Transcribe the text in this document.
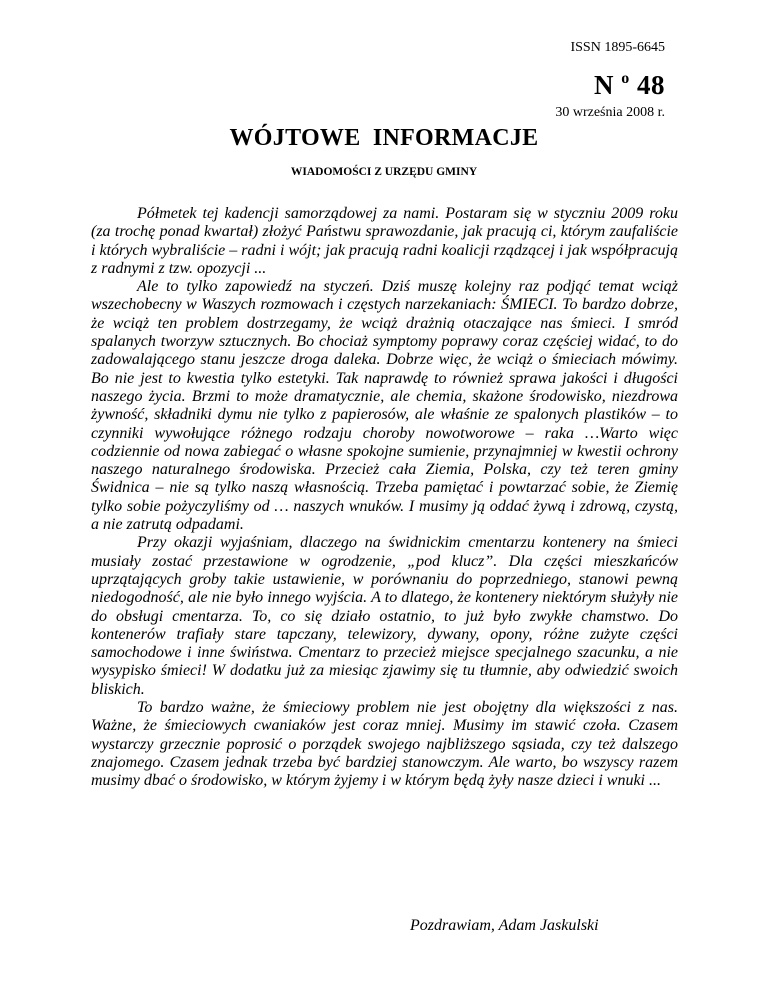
ISSN 1895-6645

N $^o$ 48

30 września 2008 r.

WÓJTOWE INFORMACJE

WIADOMOŚCI Z URZĘDU GMINY

Półmetek tej kadencji samorządowej za nami. Postaram się w styczniu 2009 roku (za trochę ponad kwartał) złożyć Państwu sprawozdanie, jak pracują ci, którym zaufaliście i których wybraliście – radni i wójt; jak pracują radni koalicji rządzącej i jak współpracują z radnymi z tzw. opozycji ...

Ale to tylko zapowiedź na styczeń. Dziś muszę kolejny raz podjąć temat wciąż wszechobecny w Waszych rozmowach i częstych narzekaniach: ŚMIECI. To bardzo dobrze, że wciąż ten problem dostrzegamy, że wciąż drażnią otaczające nas śmieci. I smród spalanych tworzyw sztucznych. Bo chociaż symptomy poprawy coraz częściej widać, to do zadowalającego stanu jeszcze droga daleka. Dobrze więc, że wciąż o śmieciach mówimy. Bo nie jest to kwestia tylko estetyki. Tak naprawdę to również sprawa jakości i długości naszego życia. Brzmi to może dramatycznie, ale chemia, skażone środowisko, niezdrowa żywność, składniki dymu nie tylko z papierosów, ale właśnie ze spalonych plastików – to czynniki wywołujące różnego rodzaju choroby nowotworowe – raka …Warto więc codziennie od nowa zabiegać o własne spokojne sumienie, przynajmniej w kwestii ochrony naszego naturalnego środowiska. Przecież cała Ziemia, Polska, czy też teren gminy Świdnica – nie są tylko naszą własnością. Trzeba pamiętać i powtarzać sobie, że Ziemię tylko sobie pożyczyliśmy od … naszych wnuków. I musimy ją oddać żywą i zdrową, czystą, a nie zatrutą odpadami.

Przy okazji wyjaśniam, dlaczego na świdnickim cmentarzu kontenery na śmieci musiały zostać przestawione w ogrodzenie, „pod klucz”. Dla części mieszkańców uprzątających groby takie ustawienie, w porównaniu do poprzedniego, stanowi pewną niedogodność, ale nie było innego wyjścia. A to dlatego, że kontenery niektórym służyły nie do obsługi cmentarza. To, co się działo ostatnio, to już było zwykłe chamstwo. Do kontenerów trafiały stare tapczany, telewizory, dywany, opony, różne zużyte części samochodowe i inne świństwa. Cmentarz to przecież miejsce specjalnego szacunku, a nie wysypisko śmieci! W dodatku już za miesiąc zjawimy się tu tłumnie, aby odwiedzić swoich bliskich.

To bardzo ważne, że śmieciowy problem nie jest obojętny dla większości z nas. Ważne, że śmieciowych cwaniaków jest coraz mniej. Musimy im stawić czoła. Czasem wystarczy grzecznie poprosić o porządek swojego najbliższego sąsiada, czy też dalszego znajomego. Czasem jednak trzeba być bardziej stanowczym. Ale warto, bo wszyscy razem musimy dbać o środowisko, w którym żyjemy i w którym będą żyły nasze dzieci i wnuki ...

Pozdrawiam, Adam Jaskulski
